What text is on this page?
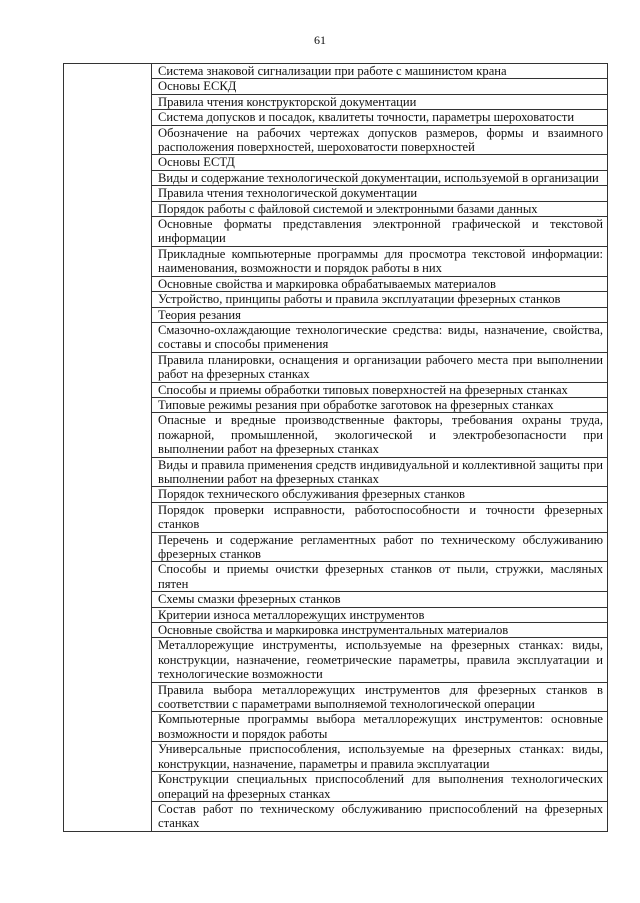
61
	Система знаковой сигнализации при работе с машинистом крана
Основы ЕСКД
Правила чтения конструкторской документации
Система допусков и посадок, квалитеты точности, параметры шероховатости
Обозначение на рабочих чертежах допусков размеров, формы и взаимного расположения поверхностей, шероховатости поверхностей
Основы ЕСТД
Виды и содержание технологической документации, используемой в организации
Правила чтения технологической документации
Порядок работы с файловой системой и электронными базами данных
Основные форматы представления электронной графической и текстовой информации
Прикладные компьютерные программы для просмотра текстовой информации: наименования, возможности и порядок работы в них
Основные свойства и маркировка обрабатываемых материалов
Устройство, принципы работы и правила эксплуатации фрезерных станков
Теория резания
Смазочно-охлаждающие технологические средства: виды, назначение, свойства, составы и способы применения
Правила планировки, оснащения и организации рабочего места при выполнении работ на фрезерных станках
Способы и приемы обработки типовых поверхностей на фрезерных станках
Типовые режимы резания при обработке заготовок на фрезерных станках
Опасные и вредные производственные факторы, требования охраны труда, пожарной, промышленной, экологической и электробезопасности при выполнении работ на фрезерных станках
Виды и правила применения средств индивидуальной и коллективной защиты при выполнении работ на фрезерных станках
Порядок технического обслуживания фрезерных станков
Порядок проверки исправности, работоспособности и точности фрезерных станков
Перечень и содержание регламентных работ по техническому обслуживанию фрезерных станков
Способы и приемы очистки фрезерных станков от пыли, стружки, масляных пятен
Схемы смазки фрезерных станков
Критерии износа металлорежущих инструментов
Основные свойства и маркировка инструментальных материалов
Металлорежущие инструменты, используемые на фрезерных станках: виды, конструкции, назначение, геометрические параметры, правила эксплуатации и технологические возможности
Правила выбора металлорежущих инструментов для фрезерных станков в соответствии с параметрами выполняемой технологической операции
Компьютерные программы выбора металлорежущих инструментов: основные возможности и порядок работы
Универсальные приспособления, используемые на фрезерных станках: виды, конструкции, назначение, параметры и правила эксплуатации
Конструкции специальных приспособлений для выполнения технологических операций на фрезерных станках
Состав работ по техническому обслуживанию приспособлений на фрезерных станках
